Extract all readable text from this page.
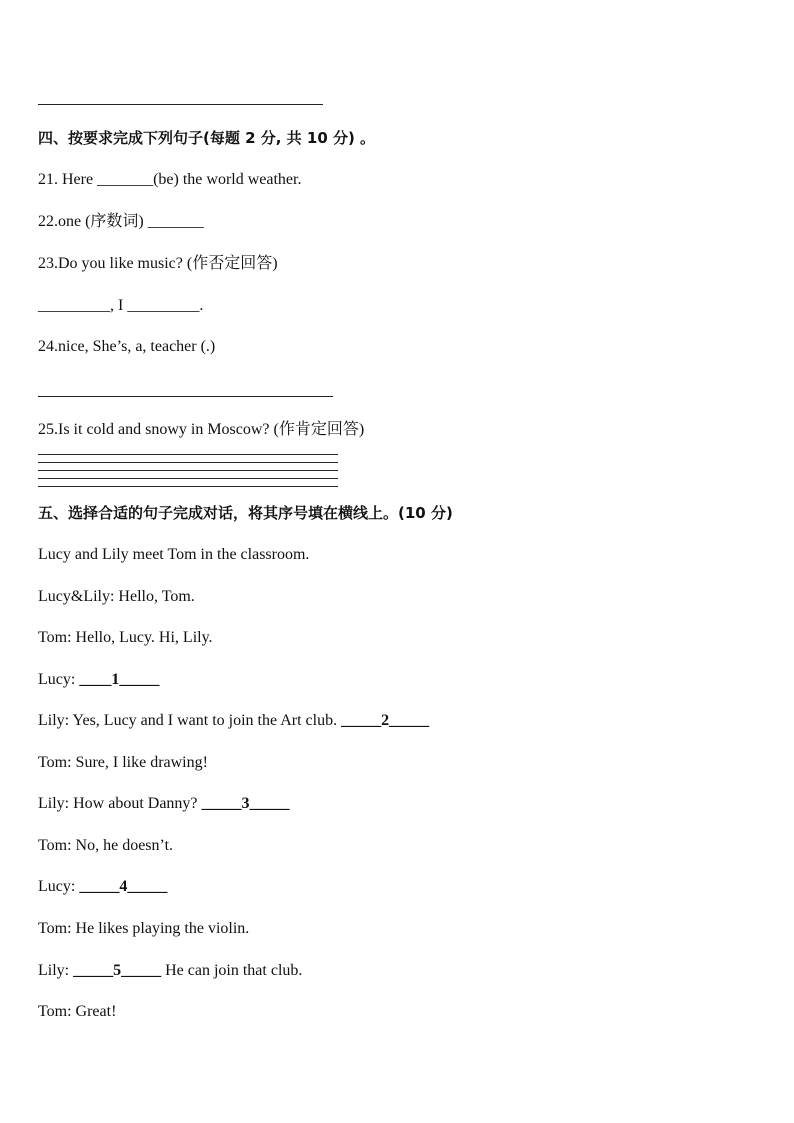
四、按要求完成下列句子(每题 2 分, 共 10 分) 。
21. Here _______(be) the world weather.
22.one (序数词) _______
23.Do you like music? (作否定回答)
_________, I _________.
24.nice, She’s, a, teacher (.)
25.Is it cold and snowy in Moscow? (作肯定回答)
五、选择合适的句子完成对话，将其序号填在横线上。(10 分)
Lucy and Lily meet Tom in the classroom.
Lucy&Lily: Hello, Tom.
Tom: Hello, Lucy. Hi, Lily.
Lucy: ____1_____
Lily: Yes, Lucy and I want to join the Art club. _____2_____
Tom: Sure, I like drawing!
Lily: How about Danny? _____3_____
Tom: No, he doesn’t.
Lucy: _____4_____
Tom: He likes playing the violin.
Lily: _____5_____ He can join that club.
Tom: Great!
